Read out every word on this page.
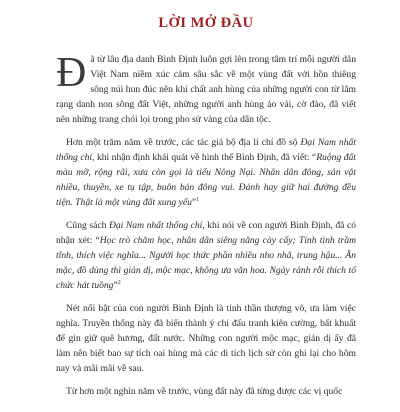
LỜI MỞ ĐẦU

Đã từ lâu địa danh Bình Định luôn gợi lên trong tâm trí mỗi người dân Việt Nam niềm xúc cảm sâu sắc về một vùng đất với hồn thiêng sông núi hun đúc nên khí chất anh hùng của những người con từ lâm rạng danh non sông đất Việt, những người anh hùng áo vải, cờ đào, đã viết nên những trang chói lọi trong pho sử vàng của dân tộc.

Hơn một trăm năm về trước, các tác giả bộ địa lí chí đồ sộ Đại Nam nhất thống chí, khi nhận định khái quát về hình thế Bình Định, đã viết: “Ruộng đất màu mỡ, rộng rãi, xưa còn gọi là tiểu Nông Nại. Nhân dân đông, sản vật nhiều, thuyền, xe tụ tập, buôn bán đông vui. Đánh hay giữ hai đường đều tiện. Thật là một vùng đất xung yếu”$^1$

Cũng sách Đại Nam nhất thống chí, khi nói về con người Bình Định, đã có nhận xét: “Học trò chăm học, nhân dân siêng năng cày cấy; Tính tình trầm tĩnh, thích việc nghĩa... Người học thức phần nhiều nho nhã, trung hậu... Ăn mặc, đồ dùng thì giản dị, mộc mạc, không ưa văn hoa. Ngày rảnh rỗi thích tổ chức hát tuồng”$^2$

Nét nổi bật của con người Bình Định là tinh thần thượng võ, ưa làm việc nghĩa. Truyền thống này đã biến thành ý chí đấu tranh kiên cường, bất khuất để gìn giữ quê hương, đất nước. Những con người mộc mạc, giản dị ấy đã làm nên biết bao sự tích oai hùng mà các di tích lịch sử còn ghi lại cho hôm nay và mãi mãi về sau.

Từ hơn một nghìn năm về trước, vùng đất này đã từng được các vị quốc
